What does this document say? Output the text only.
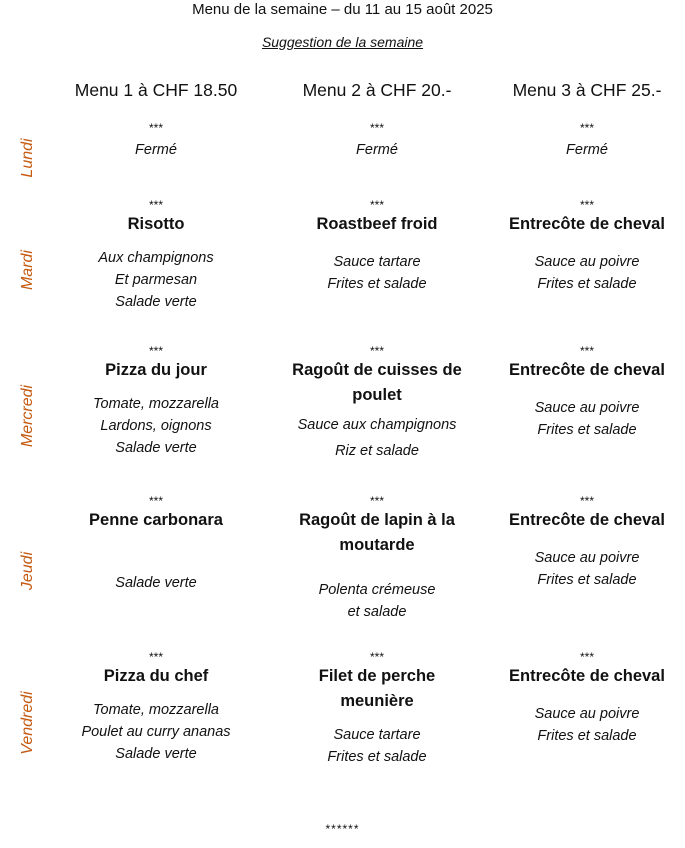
Menu de la semaine – du 11 au 15 août 2025
Suggestion de la semaine
Menu 1 à CHF 18.50	Menu 2 à CHF 20.-	Menu 3 à CHF 25.-
Lundi
Mardi
Mercredi
Jeudi
Vendredi
***
Fermé
***
Fermé
***
Fermé
***
Risotto
Aux champignons
Et parmesan
Salade verte
***
Roastbeef froid
Sauce tartare
Frites et salade
***
Entrecôte de cheval
Sauce au poivre
Frites et salade
***
Pizza du jour
Tomate, mozzarella
Lardons, oignons
Salade verte
***
Ragoût de cuisses de
poulet
Sauce aux champignons
Riz et salade
***
Entrecôte de cheval
Sauce au poivre
Frites et salade
***
Penne carbonara
Salade verte
***
Ragoût de lapin à la
moutarde
Polenta crémeuse
et salade
***
Entrecôte de cheval
Sauce au poivre
Frites et salade
***
Pizza du chef
Tomate, mozzarella
Poulet au curry ananas
Salade verte
***
Filet de perche
meunière
Sauce tartare
Frites et salade
***
Entrecôte de cheval
Sauce au poivre
Frites et salade
******
